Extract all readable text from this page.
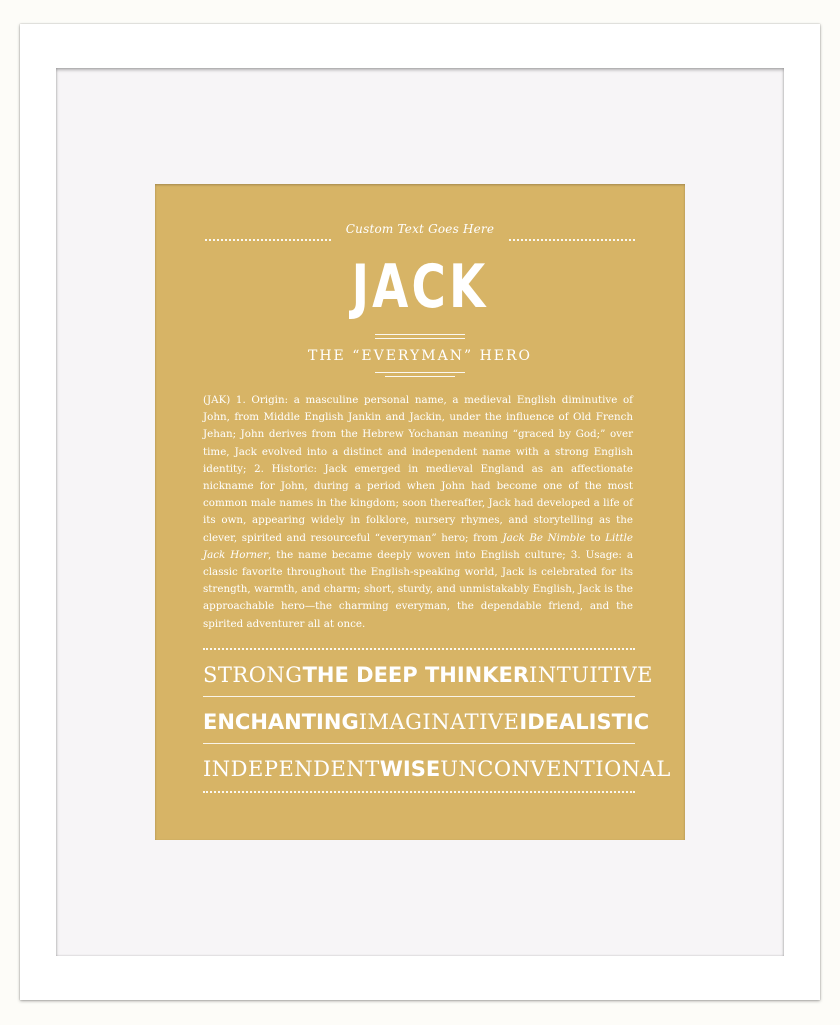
Custom Text Goes Here
JACK
THE “EVERYMAN” HERO

(JAK) 1. Origin: a masculine personal name, a medieval English diminutive of John, from Middle English Jankin and Jackin, under the influence of Old French Jehan; John derives from the Hebrew Yochanan meaning “graced by God;” over time, Jack evolved into a distinct and independent name with a strong English identity; 2. Historic: Jack emerged in medieval England as an affectionate nickname for John, during a period when John had become one of the most common male names in the kingdom; soon thereafter, Jack had developed a life of its own, appearing widely in folklore, nursery rhymes, and storytelling as the clever, spirited and resourceful “everyman” hero; from Jack Be Nimble to Little Jack Horner, the name became deeply woven into English culture; 3. Usage: a classic favorite throughout the English-speaking world, Jack is celebrated for its strength, warmth, and charm; short, sturdy, and unmistakably English, Jack is the approachable hero—the charming everyman, the dependable friend, and the spirited adventurer all at once.

STRONG THE DEEP THINKER INTUITIVE
ENCHANTING IMAGINATIVE IDEALISTIC
INDEPENDENT WISE UNCONVENTIONAL
